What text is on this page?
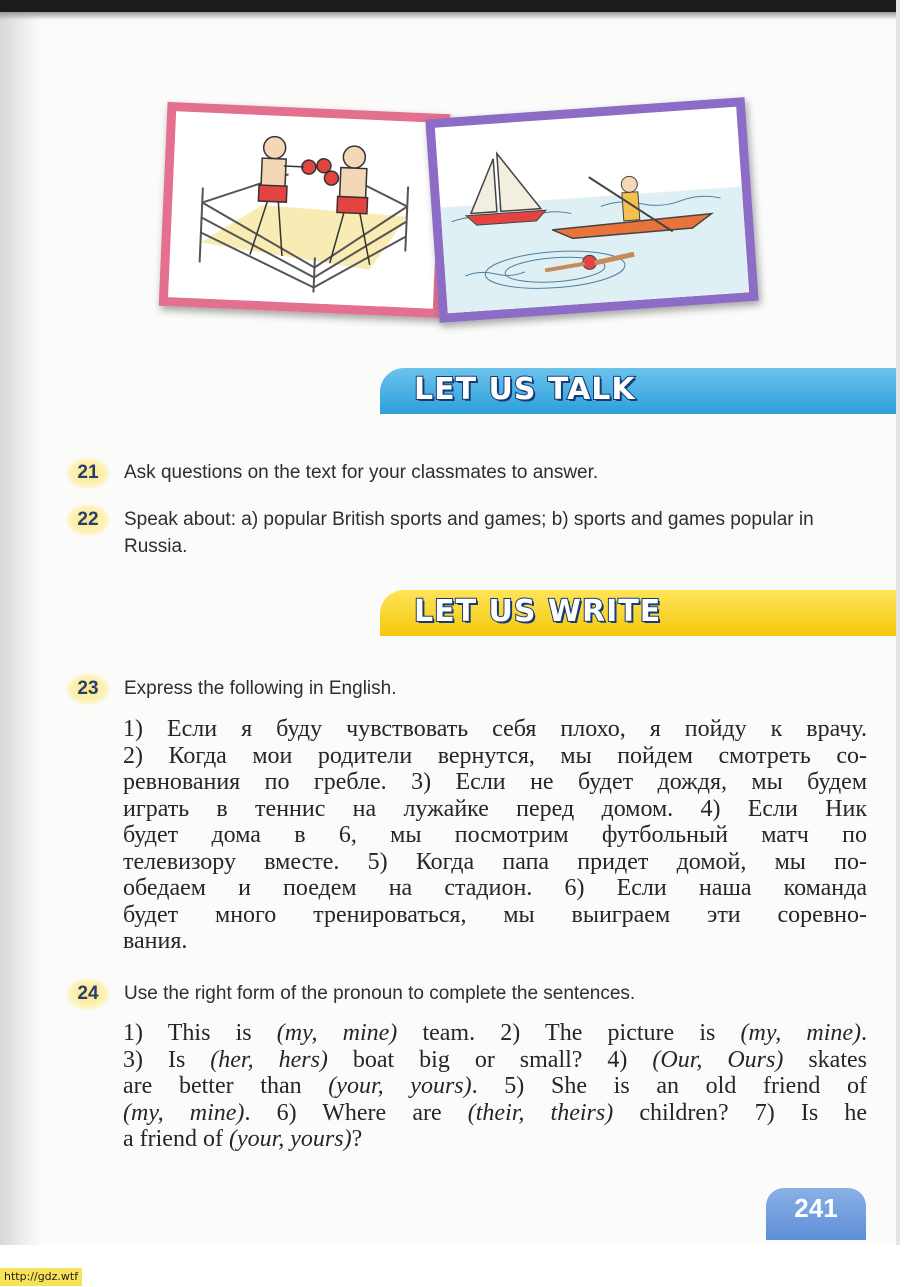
LET US TALK
21	Ask questions on the text for your classmates to answer.
22	Speak about: a) popular British sports and games; b) sports and games popular in Russia.
LET US WRITE
23	Express the following in English.
1) Если я буду чувствовать себя плохо, я пойду к врачу.
2) Когда мои родители вернутся, мы пойдем смотреть со-
ревнования по гребле. 3) Если не будет дождя, мы будем
играть в теннис на лужайке перед домом. 4) Если Ник
будет дома в 6, мы посмотрим футбольный матч по
телевизору вместе. 5) Когда папа придет домой, мы по-
обедаем и поедем на стадион. 6) Если наша команда
будет много тренироваться, мы выиграем эти соревно-
вания.
24	Use the right form of the pronoun to complete the sentences.
1) This is (my, mine) team. 2) The picture is (my, mine).
3) Is (her, hers) boat big or small? 4) (Our, Ours) skates
are better than (your, yours). 5) She is an old friend of
(my, mine). 6) Where are (their, theirs) children? 7) Is he
a friend of (your, yours)?
241
http://gdz.wtf
